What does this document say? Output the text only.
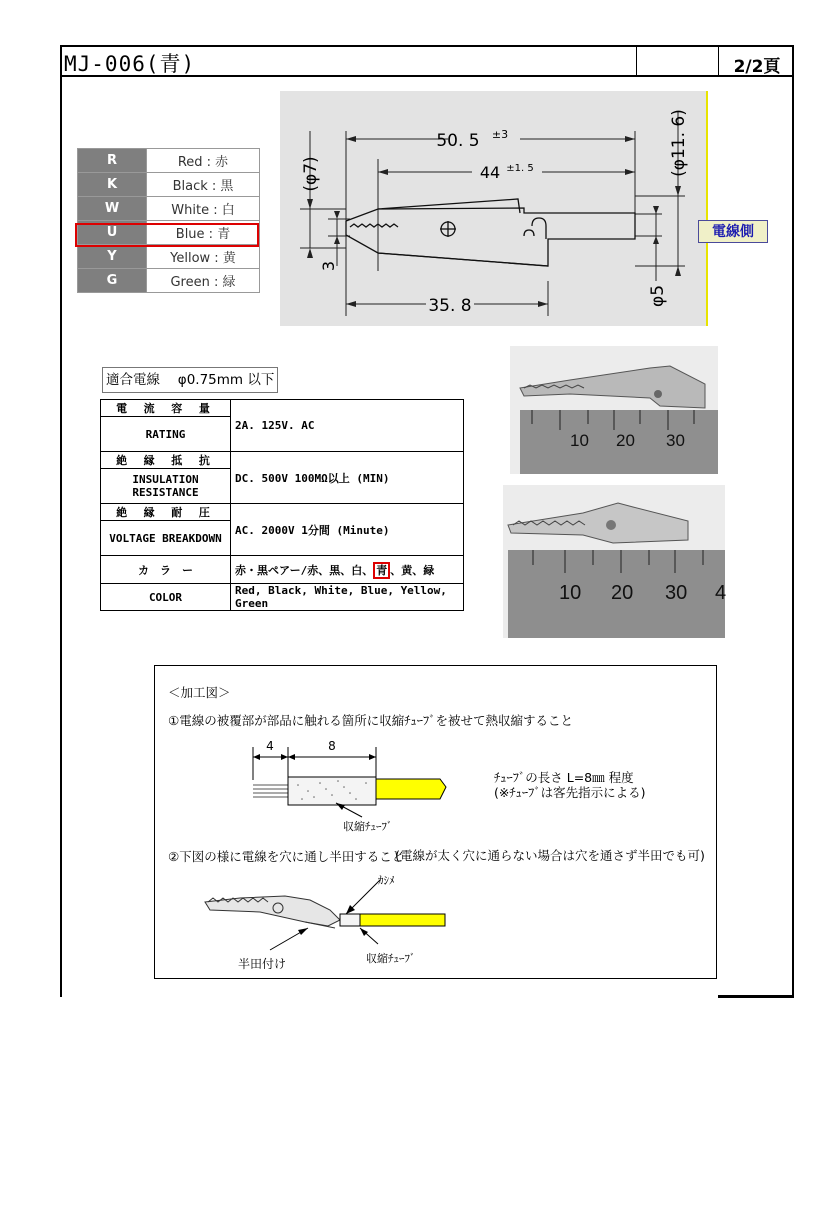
MJ-006(青)	2/2頁
R	Red : 赤
K	Black : 黒
W	White : 白
U	Blue : 青
Y	Yellow : 黄
G	Green : 緑
50. 5 ±3
44 ±1. 5
35. 8
(φ7)	(φ11. 6)
φ5
3
電線側
適合電線　 φ0.75mm 以下
電 流 容 量	2A. 125V. AC
RATING	
絶 縁 抵 抗	DC. 500V 100MΩ以上 (MIN)
INSULATION RESISTANCE	
絶 縁 耐 圧	AC. 2000V 1分間 (Minute)
VOLTAGE BREAKDOWN	
カ　ラ　ー	赤・黒ペアー/赤、黒、白、 青 、黄、緑
COLOR	Red, Black, White, Blue, Yellow, Green
10 20 30
10 20 30 4
＜加工図＞
①電線の被覆部が部品に触れる箇所に収縮ﾁｭｰﾌﾞを被せて熱収縮すること
4	8
収縮ﾁｭｰﾌﾞ
ﾁｭｰﾌﾞの長さ L=8㎜ 程度
(※ﾁｭｰﾌﾞは客先指示による)
②下図の様に電線を穴に通し半田すること
(電線が太く穴に通らない場合は穴を通さず半田でも可)
ｶｼﾒ
半田付け	収縮ﾁｭｰﾌﾞ
